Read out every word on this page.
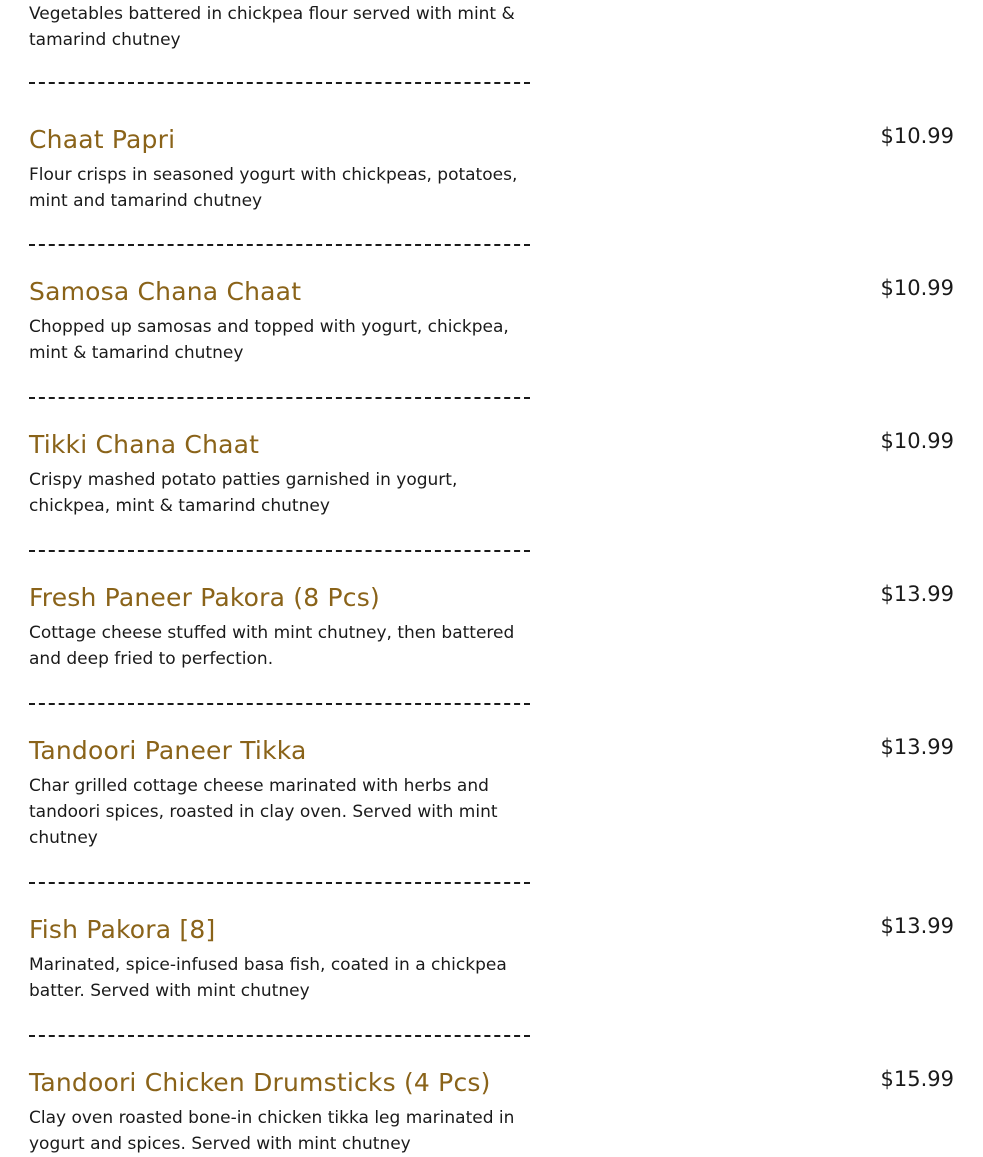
Vegetables battered in chickpea flour served with mint & tamarind chutney
Chaat Papri	$10.99
Flour crisps in seasoned yogurt with chickpeas, potatoes, mint and tamarind chutney
Samosa Chana Chaat	$10.99
Chopped up samosas and topped with yogurt, chickpea, mint & tamarind chutney
Tikki Chana Chaat	$10.99
Crispy mashed potato patties garnished in yogurt, chickpea, mint & tamarind chutney
Fresh Paneer Pakora (8 Pcs)	$13.99
Cottage cheese stuffed with mint chutney, then battered and deep fried to perfection.
Tandoori Paneer Tikka	$13.99
Char grilled cottage cheese marinated with herbs and tandoori spices, roasted in clay oven. Served with mint chutney
Fish Pakora [8]	$13.99
Marinated, spice-infused basa fish, coated in a chickpea batter. Served with mint chutney
Tandoori Chicken Drumsticks (4 Pcs)	$15.99
Clay oven roasted bone-in chicken tikka leg marinated in yogurt and spices. Served with mint chutney
